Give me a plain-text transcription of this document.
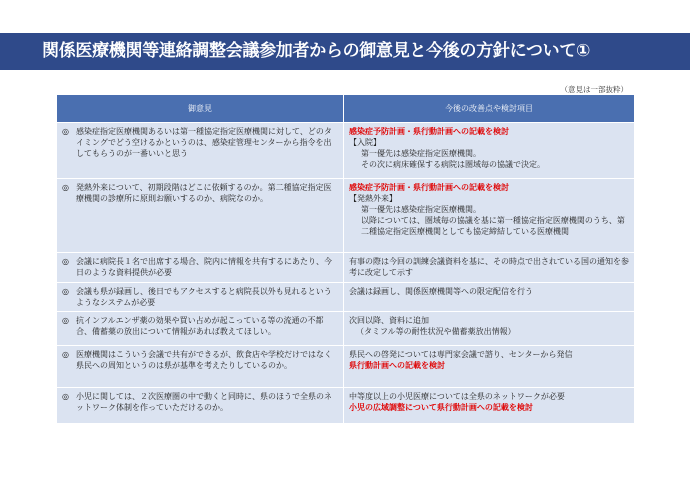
関係医療機関等連絡調整会議参加者からの御意見と今後の方針について①
（意見は一部抜粋）
御意見	今後の改善点や検討項目

◎ 感染症指定医療機関あるいは第一種協定指定医療機関に対して、どのタイミングでどう空けるかというのは、感染症管理センターから指令を出してもらうのが一番いいと思う	感染症予防計画・県行動計画への記載を検討
【入院】
第一優先は感染症指定医療機関。
その次に病床確保する病院は圏域毎の協議で決定。

◎ 発熱外来について、初期段階はどこに依頼するのか。第二種協定指定医療機関の診療所に原則お願いするのか、病院なのか。	感染症予防計画・県行動計画への記載を検討
【発熱外来】
第一優先は感染症指定医療機関。
以降については、圏域毎の協議を基に第一種協定指定医療機関のうち、第二種協定指定医療機関としても協定締結している医療機関

◎ 会議に病院長１名で出席する場合、院内に情報を共有するにあたり、今日のような資料提供が必要	有事の際は今回の訓練会議資料を基に、その時点で出されている国の通知を参考に改定して示す

◎ 会議も県が録画し、後日でもアクセスすると病院長以外も見れるというようなシステムが必要	会議は録画し、関係医療機関等への限定配信を行う

◎ 抗インフルエンザ薬の効果や買い占めが起こっている等の流通の不都合、備蓄薬の放出について情報があれば教えてほしい。	次回以降、資料に追加
（タミフル等の耐性状況や備蓄薬放出情報）

◎ 医療機関はこういう会議で共有ができるが、飲食店や学校だけではなく県民への周知というのは県が基準を考えたりしているのか。	県民への啓発については専門家会議で諮り、センターから発信
県行動計画への記載を検討

◎ 小児に関しては、２次医療圏の中で動くと同時に、県のほうで全県のネットワーク体制を作っていただけるのか。	中等度以上の小児医療については全県のネットワークが必要
小児の広域調整について県行動計画への記載を検討
